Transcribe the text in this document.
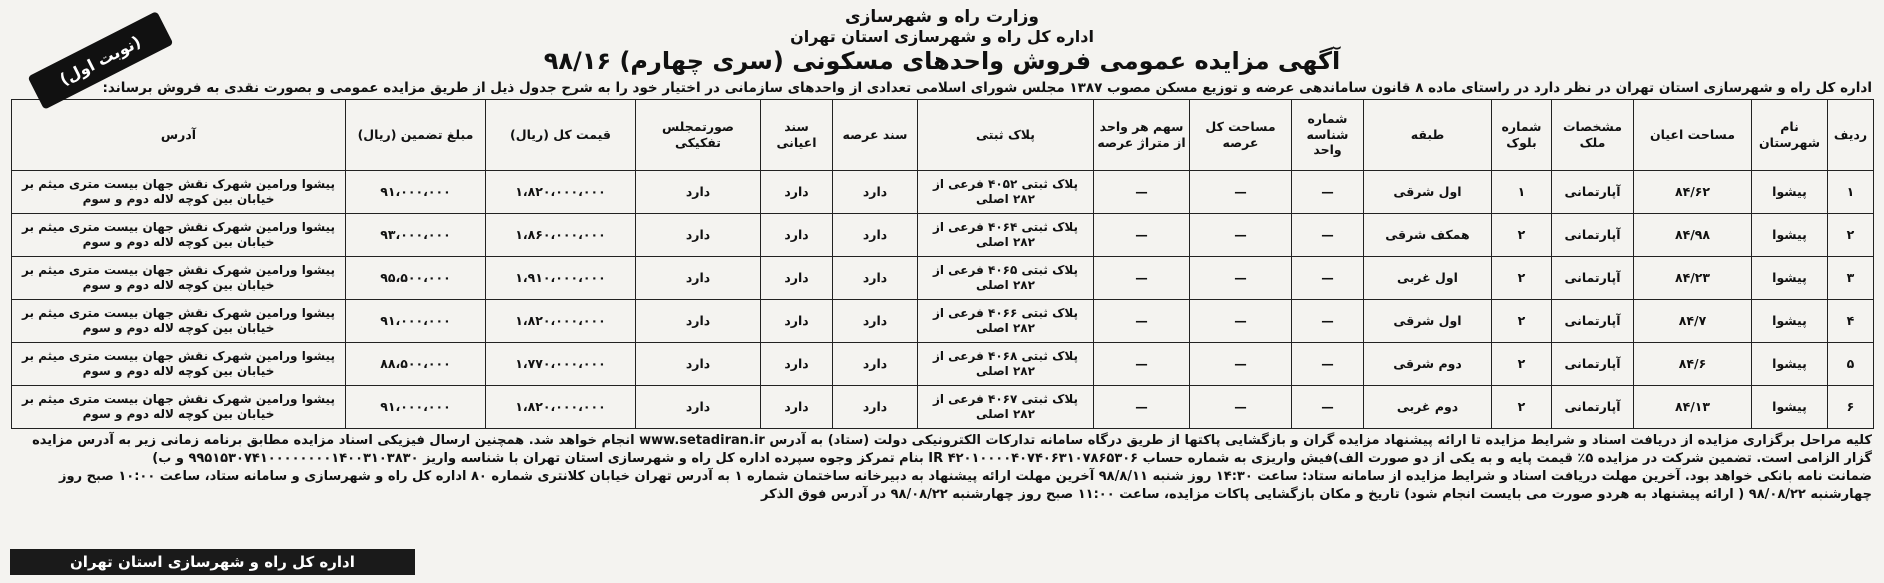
وزارت راه و شهرسازی
اداره کل راه و شهرسازی استان تهران
آگهی مزایده عمومی فروش واحدهای مسکونی (سری چهارم) ۹۸/۱۶
(نوبت اول)
اداره کل راه و شهرسازی استان تهران در نظر دارد در راستای ماده ۸ قانون ساماندهی عرضه و توزیع مسکن مصوب ۱۳۸۷ مجلس شورای اسلامی تعدادی از واحدهای سازمانی در اختیار خود را به شرح جدول ذیل از طریق مزایده عمومی و بصورت نقدی به فروش برساند:
ردیف	نام شهرستان	مساحت اعیان	مشخصات ملک	شماره بلوک	طبقه	شماره شناسه واحد	مساحت کل عرصه	سهم هر واحد از متراژ عرصه	پلاک ثبتی	سند عرصه	سند اعیانی	صورتمجلس تفکیکی	قیمت کل (ریال)	مبلغ تضمین (ریال)	آدرس
۱	پیشوا	۸۴/۶۲	آپارتمانی	۱	اول شرقی	—	—	—	پلاک ثبتی ۴۰۵۲ فرعی از ۲۸۲ اصلی	دارد	دارد	دارد	۱،۸۲۰،۰۰۰،۰۰۰	۹۱،۰۰۰،۰۰۰	پیشوا ورامین شهرک نقش جهان بیست متری میثم بر خیابان بین کوچه لاله دوم و سوم
۲	پیشوا	۸۴/۹۸	آپارتمانی	۲	همکف شرقی	—	—	—	پلاک ثبتی ۴۰۶۴ فرعی از ۲۸۲ اصلی	دارد	دارد	دارد	۱،۸۶۰،۰۰۰،۰۰۰	۹۳،۰۰۰،۰۰۰	پیشوا ورامین شهرک نقش جهان بیست متری میثم بر خیابان بین کوچه لاله دوم و سوم
۳	پیشوا	۸۴/۲۳	آپارتمانی	۲	اول غربی	—	—	—	پلاک ثبتی ۴۰۶۵ فرعی از ۲۸۲ اصلی	دارد	دارد	دارد	۱،۹۱۰،۰۰۰،۰۰۰	۹۵،۵۰۰،۰۰۰	پیشوا ورامین شهرک نقش جهان بیست متری میثم بر خیابان بین کوچه لاله دوم و سوم
۴	پیشوا	۸۴/۷	آپارتمانی	۲	اول شرقی	—	—	—	پلاک ثبتی ۴۰۶۶ فرعی از ۲۸۲ اصلی	دارد	دارد	دارد	۱،۸۲۰،۰۰۰،۰۰۰	۹۱،۰۰۰،۰۰۰	پیشوا ورامین شهرک نقش جهان بیست متری میثم بر خیابان بین کوچه لاله دوم و سوم
۵	پیشوا	۸۴/۶	آپارتمانی	۲	دوم شرقی	—	—	—	پلاک ثبتی ۴۰۶۸ فرعی از ۲۸۲ اصلی	دارد	دارد	دارد	۱،۷۷۰،۰۰۰،۰۰۰	۸۸،۵۰۰،۰۰۰	پیشوا ورامین شهرک نقش جهان بیست متری میثم بر خیابان بین کوچه لاله دوم و سوم
۶	پیشوا	۸۴/۱۳	آپارتمانی	۲	دوم غربی	—	—	—	پلاک ثبتی ۴۰۶۷ فرعی از ۲۸۲ اصلی	دارد	دارد	دارد	۱،۸۲۰،۰۰۰،۰۰۰	۹۱،۰۰۰،۰۰۰	پیشوا ورامین شهرک نقش جهان بیست متری میثم بر خیابان بین کوچه لاله دوم و سوم
کلیه مراحل برگزاری مزایده از دریافت اسناد و شرایط مزایده تا ارائه پیشنهاد مزایده گران و بازگشایی پاکتها از طریق درگاه سامانه تدارکات الکترونیکی دولت (ستاد) به آدرس www.setadiran.ir انجام خواهد شد. همچنین ارسال فیزیکی اسناد مزایده مطابق برنامه زمانی زیر به آدرس مزایده
گزار الزامی است. تضمین شرکت در مزایده ۵٪ قیمت پایه و به یکی از دو صورت الف)فیش واریزی به شماره حساب ۴۲۰۱۰۰۰۰۴۰۷۴۰۶۳۱۰۷۸۶۵۳۰۶ IR بنام تمرکز وجوه سپرده اداره کل راه و شهرسازی استان تهران با شناسه واریز ۹۹۵۱۵۳۰۷۴۱۰۰۰۰۰۰۰۰۱۴۰۰۳۱۰۳۸۳۰ و ب)
ضمانت نامه بانکی خواهد بود. آخرین مهلت دریافت اسناد و شرایط مزایده از سامانه ستاد: ساعت ۱۴:۳۰ روز شنبه ۹۸/۸/۱۱ آخرین مهلت ارائه پیشنهاد به دبیرخانه ساختمان شماره ۱ به آدرس تهران خیابان کلانتری شماره ۸۰ اداره کل راه و شهرسازی و سامانه ستاد، ساعت ۱۰:۰۰ صبح روز
چهارشنبه ۹۸/۰۸/۲۲ ( ارائه پیشنهاد به هردو صورت می بایست انجام شود) تاریخ و مکان بازگشایی پاکات مزایده، ساعت ۱۱:۰۰ صبح روز چهارشنبه ۹۸/۰۸/۲۲ در آدرس فوق الذکر
اداره کل راه و شهرسازی استان تهران
